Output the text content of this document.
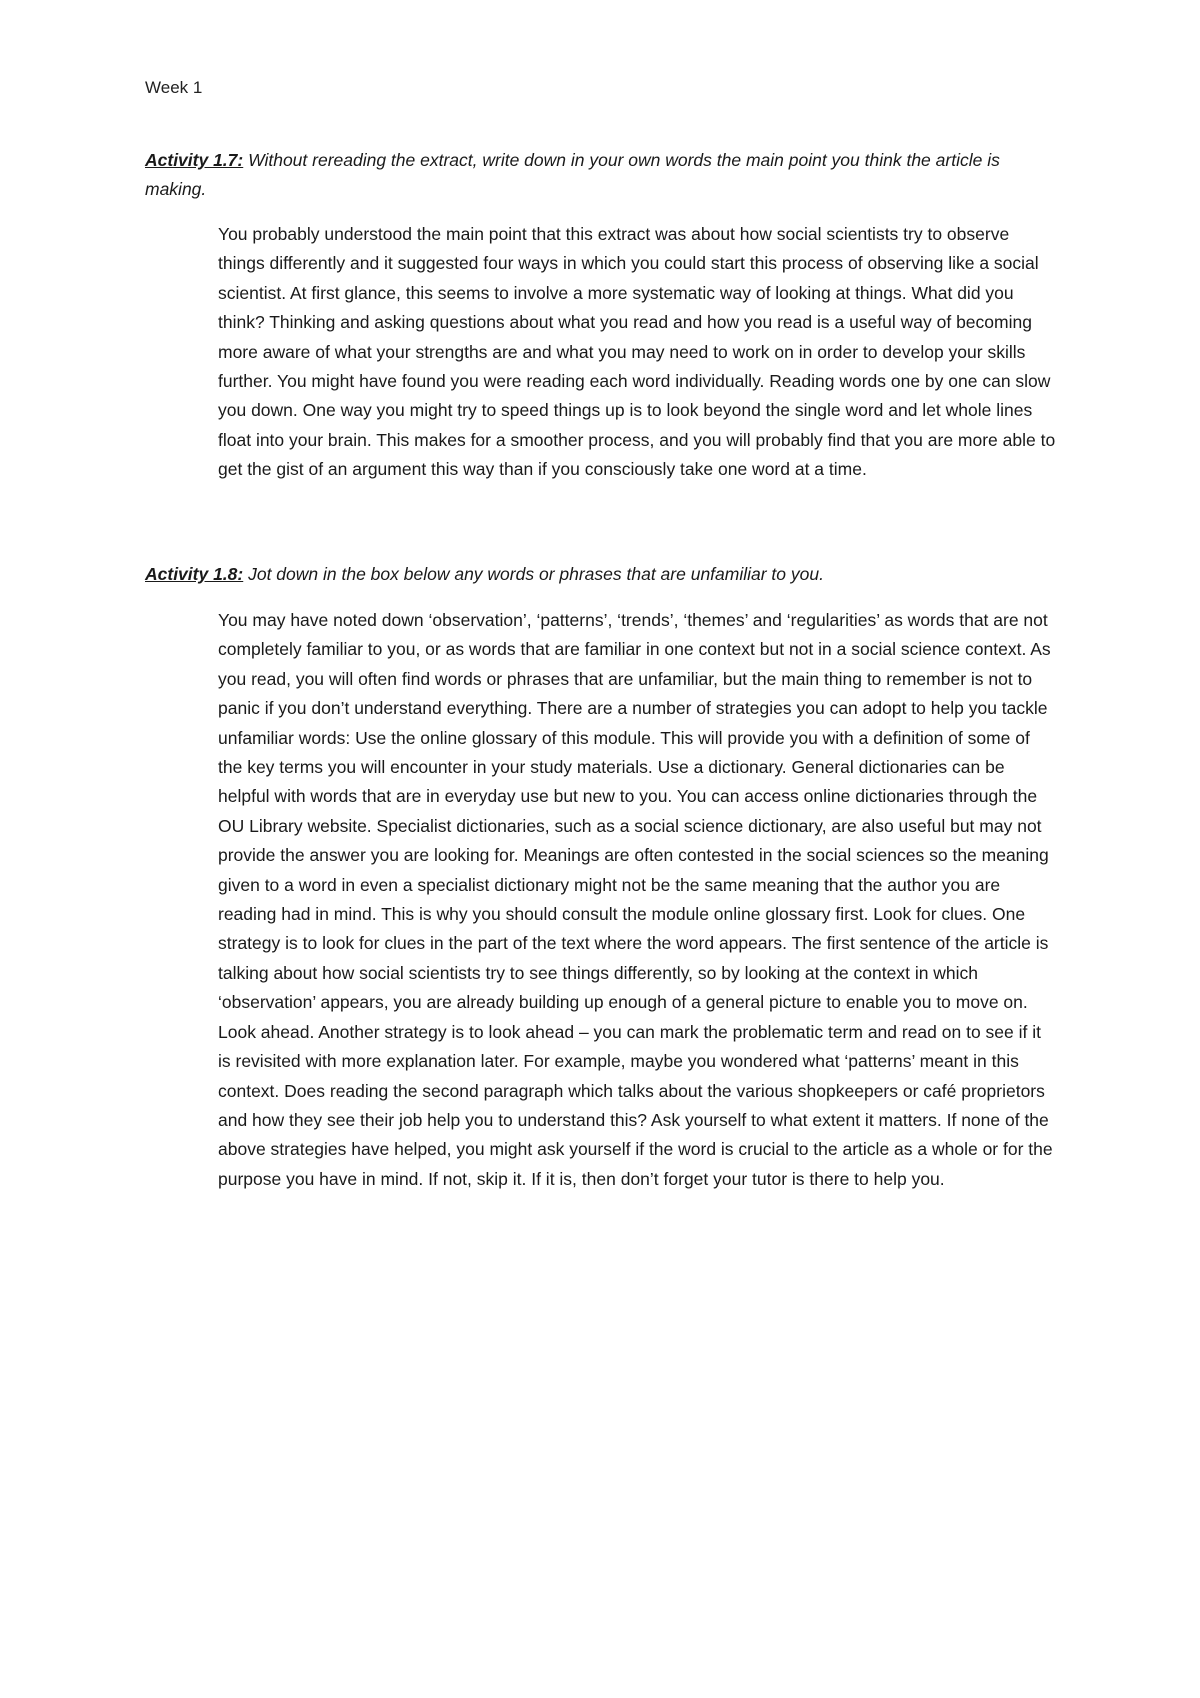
Week 1
Activity 1.7: Without rereading the extract, write down in your own words the main point you think the article is making.

You probably understood the main point that this extract was about how social scientists try to observe things differently and it suggested four ways in which you could start this process of observing like a social scientist. At first glance, this seems to involve a more systematic way of looking at things. What did you think? Thinking and asking questions about what you read and how you read is a useful way of becoming more aware of what your strengths are and what you may need to work on in order to develop your skills further. You might have found you were reading each word individually. Reading words one by one can slow you down. One way you might try to speed things up is to look beyond the single word and let whole lines float into your brain. This makes for a smoother process, and you will probably find that you are more able to get the gist of an argument this way than if you consciously take one word at a time.

Activity 1.8: Jot down in the box below any words or phrases that are unfamiliar to you.

You may have noted down ‘observation’, ‘patterns’, ‘trends’, ‘themes’ and ‘regularities’ as words that are not completely familiar to you, or as words that are familiar in one context but not in a social science context. As you read, you will often find words or phrases that are unfamiliar, but the main thing to remember is not to panic if you don’t understand everything. There are a number of strategies you can adopt to help you tackle unfamiliar words: Use the online glossary of this module. This will provide you with a definition of some of the key terms you will encounter in your study materials. Use a dictionary. General dictionaries can be helpful with words that are in everyday use but new to you. You can access online dictionaries through the OU Library website. Specialist dictionaries, such as a social science dictionary, are also useful but may not provide the answer you are looking for. Meanings are often contested in the social sciences so the meaning given to a word in even a specialist dictionary might not be the same meaning that the author you are reading had in mind. This is why you should consult the module online glossary first. Look for clues. One strategy is to look for clues in the part of the text where the word appears. The first sentence of the article is talking about how social scientists try to see things differently, so by looking at the context in which ‘observation’ appears, you are already building up enough of a general picture to enable you to move on. Look ahead. Another strategy is to look ahead – you can mark the problematic term and read on to see if it is revisited with more explanation later. For example, maybe you wondered what ‘patterns’ meant in this context. Does reading the second paragraph which talks about the various shopkeepers or café proprietors and how they see their job help you to understand this? Ask yourself to what extent it matters. If none of the above strategies have helped, you might ask yourself if the word is crucial to the article as a whole or for the purpose you have in mind. If not, skip it. If it is, then don’t forget your tutor is there to help you.
